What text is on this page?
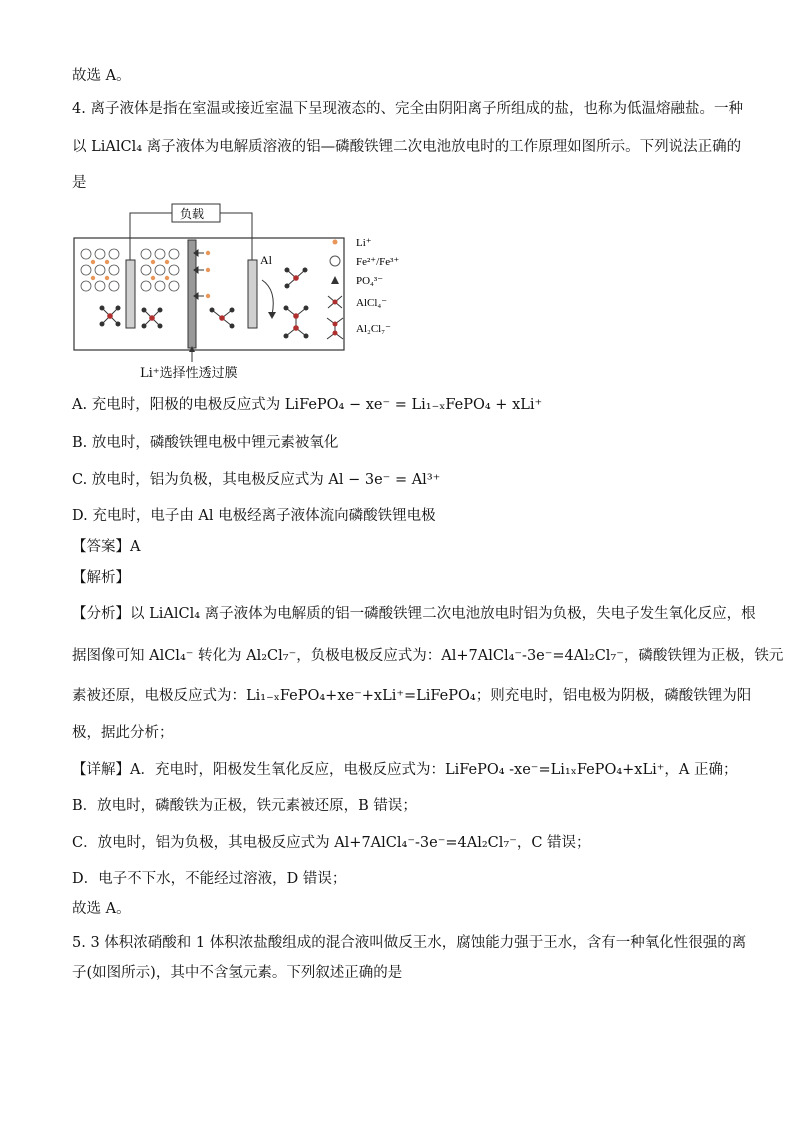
故选 A。
4. 离子液体是指在室温或接近室温下呈现液态的、完全由阴阳离子所组成的盐，也称为低温熔融盐。一种
以 LiAlCl₄ 离子液体为电解质溶液的铝—磷酸铁锂二次电池放电时的工作原理如图所示。下列说法正确的
是
Al
负载
Li⁺
Fe²⁺/Fe³⁺
PO₄³⁻
AlCl₄⁻
Al₂Cl₇⁻
Li⁺选择性透过膜
A. 充电时，阳极的电极反应式为 LiFePO₄ − xe⁻ = Li₁₋ₓFePO₄ + xLi⁺
B. 放电时，磷酸铁锂电极中锂元素被氧化
C. 放电时，铝为负极，其电极反应式为 Al − 3e⁻ = Al³⁺
D. 充电时，电子由 Al 电极经离子液体流向磷酸铁锂电极
【答案】A
【解析】
【分析】以 LiAlCl₄ 离子液体为电解质的铝一磷酸铁锂二次电池放电时铝为负极，失电子发生氧化反应，根
据图像可知 AlCl₄⁻ 转化为 Al₂Cl₇⁻，负极电极反应式为：Al+7AlCl₄⁻-3e⁻=4Al₂Cl₇⁻，磷酸铁锂为正极，铁元
素被还原，电极反应式为：Li₁₋ₓFePO₄+xe⁻+xLi⁺=LiFePO₄；则充电时，铝电极为阴极，磷酸铁锂为阳
极，据此分析；
【详解】A．充电时，阳极发生氧化反应，电极反应式为：LiFePO₄ -xe⁻=Li₁ₓFePO₄+xLi⁺，A 正确；
B．放电时，磷酸铁为正极，铁元素被还原，B 错误；
C．放电时，铝为负极，其电极反应式为 Al+7AlCl₄⁻-3e⁻=4Al₂Cl₇⁻，C 错误；
D．电子不下水，不能经过溶液，D 错误；
故选 A。
5. 3 体积浓硝酸和 1 体积浓盐酸组成的混合液叫做反王水，腐蚀能力强于王水，含有一种氧化性很强的离
子(如图所示)，其中不含氢元素。下列叙述正确的是
